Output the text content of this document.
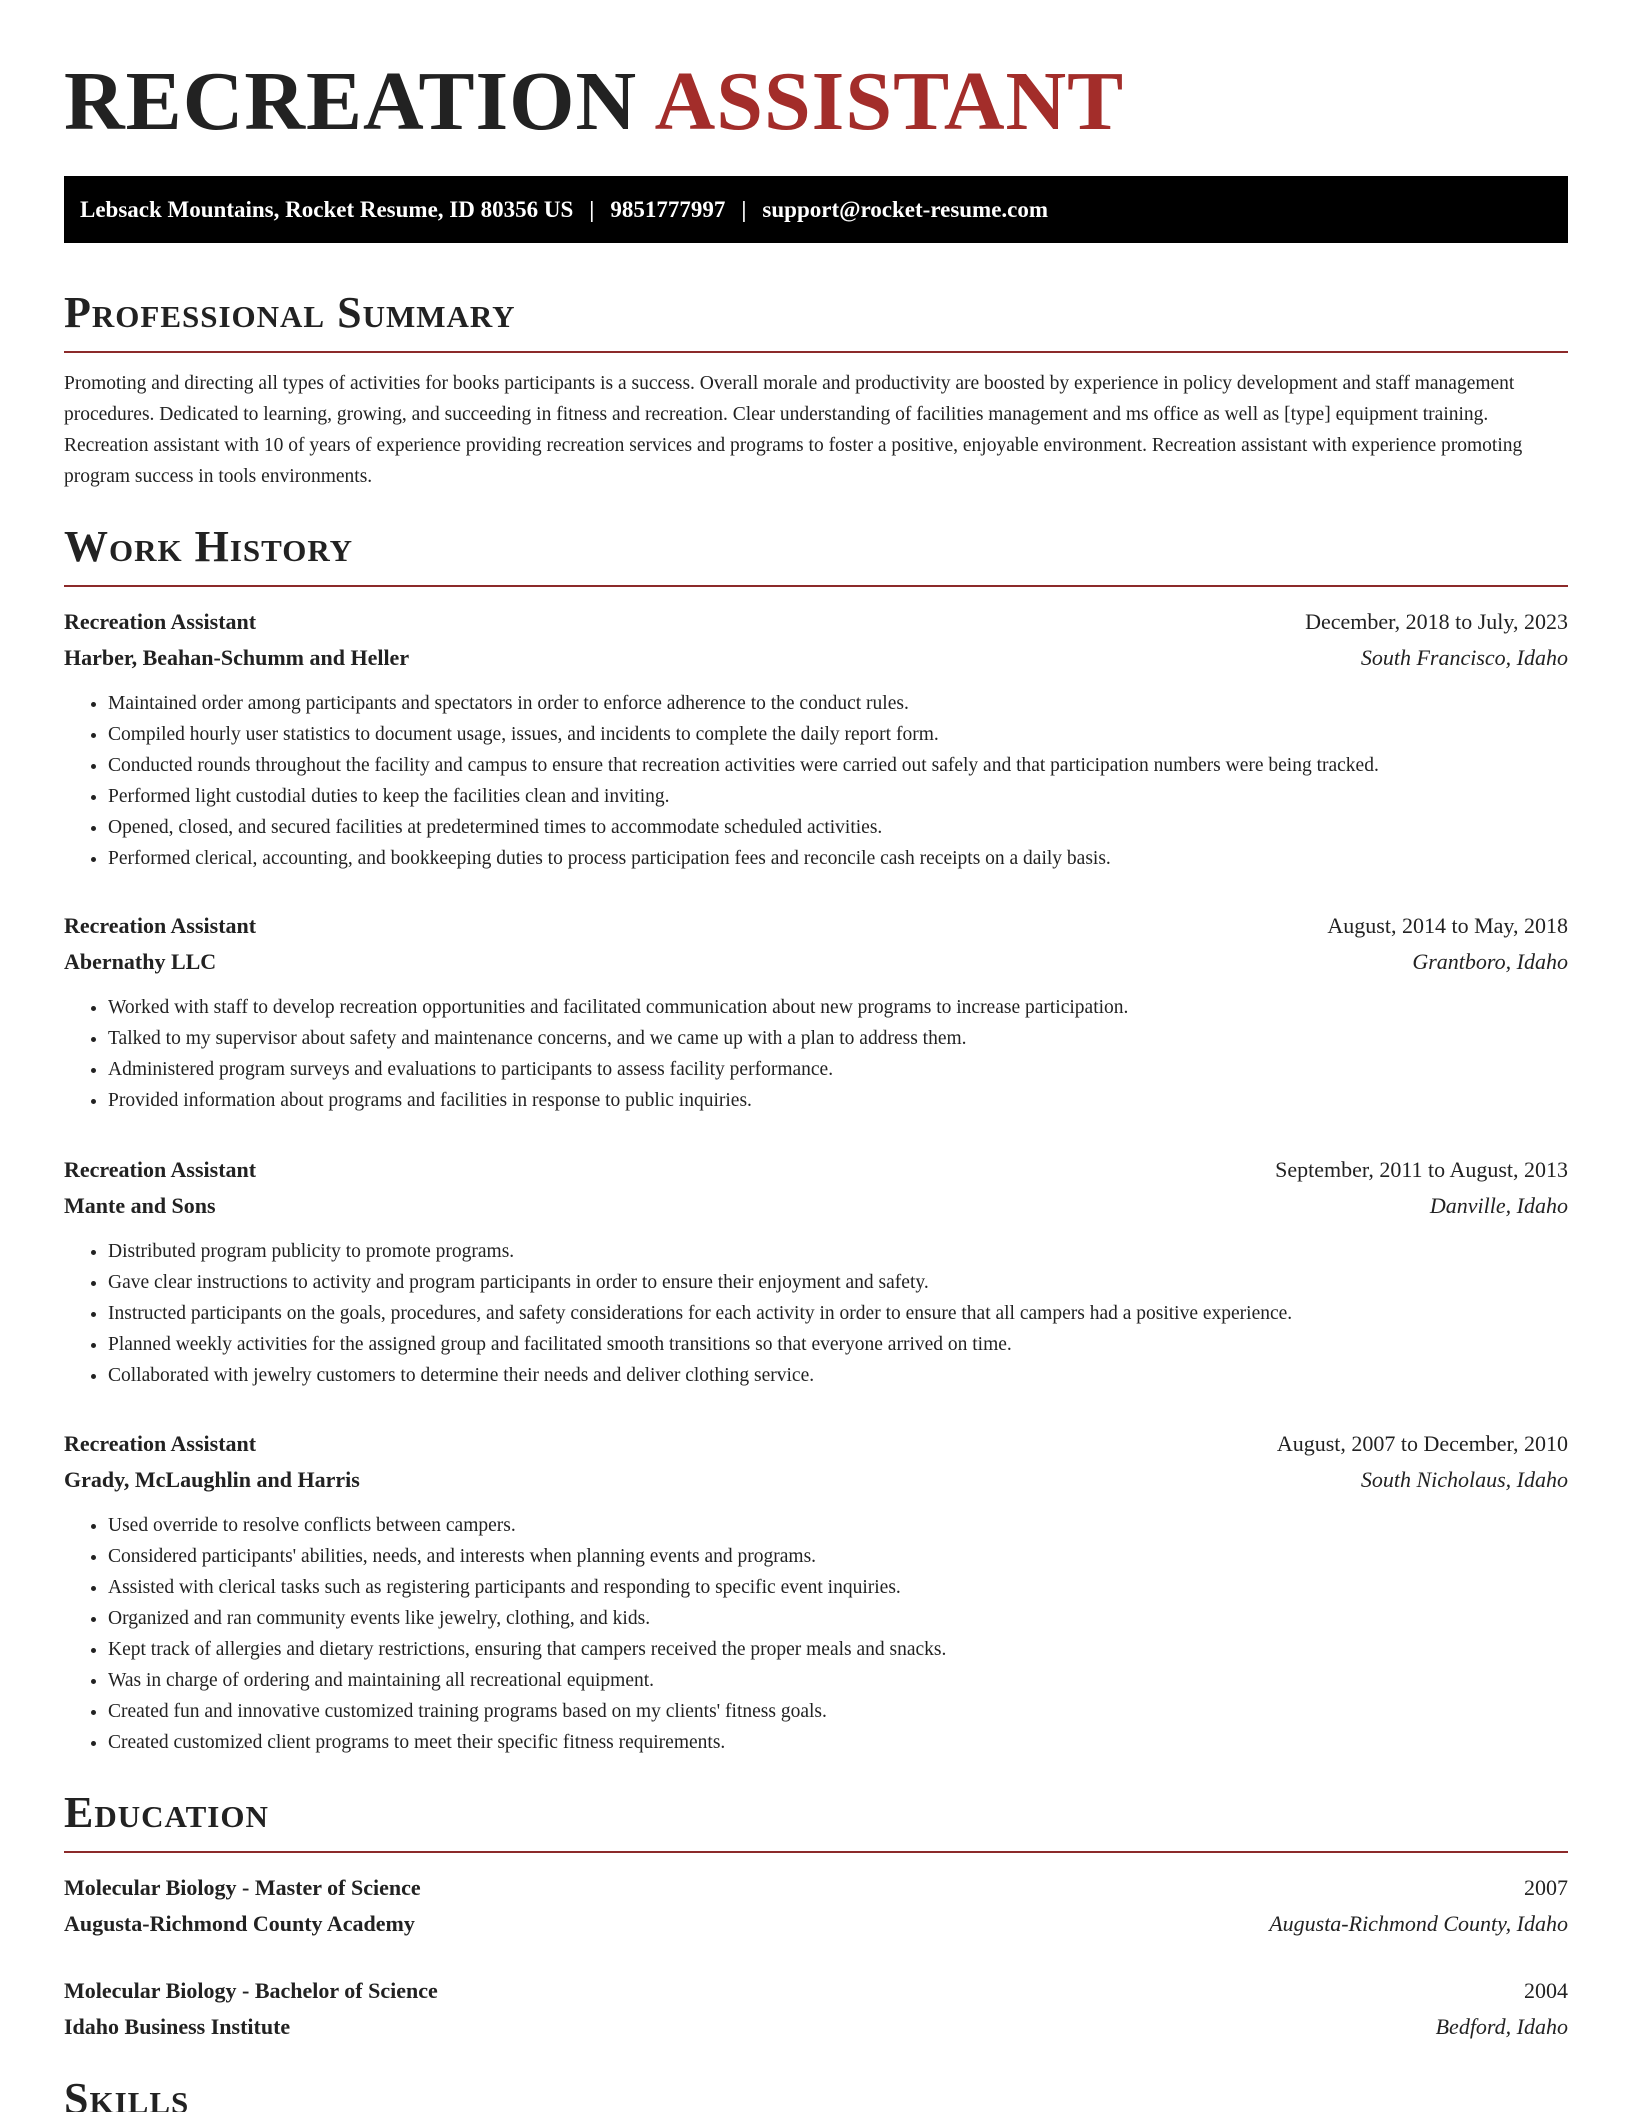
RECREATION ASSISTANT
Lebsack Mountains, Rocket Resume, ID 80356 US | 9851777997 | support@rocket-resume.com
Professional Summary

Promoting and directing all types of activities for books participants is a success. Overall morale and productivity are boosted by experience in policy development and staff management procedures. Dedicated to learning, growing, and succeeding in fitness and recreation. Clear understanding of facilities management and ms office as well as [type] equipment training. Recreation assistant with 10 of years of experience providing recreation services and programs to foster a positive, enjoyable environment. Recreation assistant with experience promoting program success in tools environments.

Work History
Recreation Assistant	December, 2018 to July, 2023
Harber, Beahan-Schumm and Heller	South Francisco, Idaho
• Maintained order among participants and spectators in order to enforce adherence to the conduct rules.
• Compiled hourly user statistics to document usage, issues, and incidents to complete the daily report form.
• Conducted rounds throughout the facility and campus to ensure that recreation activities were carried out safely and that participation numbers were being tracked.
• Performed light custodial duties to keep the facilities clean and inviting.
• Opened, closed, and secured facilities at predetermined times to accommodate scheduled activities.
• Performed clerical, accounting, and bookkeeping duties to process participation fees and reconcile cash receipts on a daily basis.
Recreation Assistant	August, 2014 to May, 2018
Abernathy LLC	Grantboro, Idaho
• Worked with staff to develop recreation opportunities and facilitated communication about new programs to increase participation.
• Talked to my supervisor about safety and maintenance concerns, and we came up with a plan to address them.
• Administered program surveys and evaluations to participants to assess facility performance.
• Provided information about programs and facilities in response to public inquiries.
Recreation Assistant	September, 2011 to August, 2013
Mante and Sons	Danville, Idaho
• Distributed program publicity to promote programs.
• Gave clear instructions to activity and program participants in order to ensure their enjoyment and safety.
• Instructed participants on the goals, procedures, and safety considerations for each activity in order to ensure that all campers had a positive experience.
• Planned weekly activities for the assigned group and facilitated smooth transitions so that everyone arrived on time.
• Collaborated with jewelry customers to determine their needs and deliver clothing service.
Recreation Assistant	August, 2007 to December, 2010
Grady, McLaughlin and Harris	South Nicholaus, Idaho
• Used override to resolve conflicts between campers.
• Considered participants' abilities, needs, and interests when planning events and programs.
• Assisted with clerical tasks such as registering participants and responding to specific event inquiries.
• Organized and ran community events like jewelry, clothing, and kids.
• Kept track of allergies and dietary restrictions, ensuring that campers received the proper meals and snacks.
• Was in charge of ordering and maintaining all recreational equipment.
• Created fun and innovative customized training programs based on my clients' fitness goals.
• Created customized client programs to meet their specific fitness requirements.
Education
Molecular Biology - Master of Science	2007
Augusta-Richmond County Academy	Augusta-Richmond County, Idaho
Molecular Biology - Bachelor of Science	2004
Idaho Business Institute	Bedford, Idaho
Skills
